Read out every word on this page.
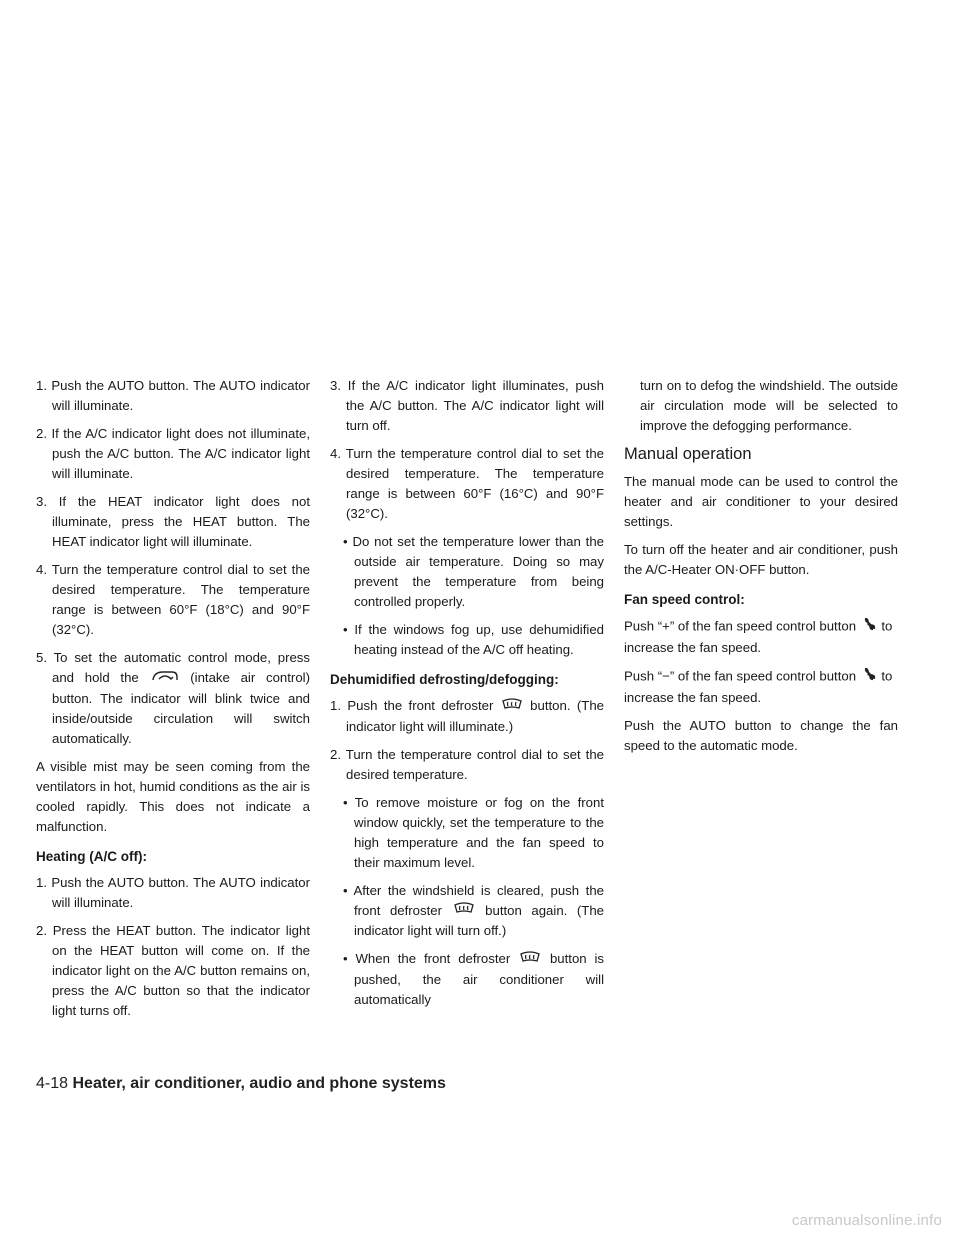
1. Push the AUTO button. The AUTO indicator will illuminate.

2. If the A/C indicator light does not illuminate, push the A/C button. The A/C indicator light will illuminate.

3. If the HEAT indicator light does not illuminate, press the HEAT button. The HEAT indicator light will illuminate.

4. Turn the temperature control dial to set the desired temperature. The temperature range is between 60°F (18°C) and 90°F (32°C).

5. To set the automatic control mode, press and hold the	(intake air control) button. The indicator will blink twice and inside/outside circulation will switch automatically.

A visible mist may be seen coming from the ventilators in hot, humid conditions as the air is cooled rapidly. This does not indicate a malfunction.

Heating (A/C off):

1. Push the AUTO button. The AUTO indicator will illuminate.

2. Press the HEAT button. The indicator light on the HEAT button will come on. If the indicator light on the A/C button remains on, press the A/C button so that the indicator light turns off.

3. If the A/C indicator light illuminates, push the A/C button. The A/C indicator light will turn off.

4. Turn the temperature control dial to set the desired temperature. The temperature range is between 60°F (16°C) and 90°F (32°C).

• Do not set the temperature lower than the outside air temperature. Doing so may prevent the temperature from being controlled properly.

• If the windows fog up, use dehumidified heating instead of the A/C off heating.

Dehumidified defrosting/defogging:

1. Push the front defroster	button. (The indicator light will illuminate.)

2. Turn the temperature control dial to set the desired temperature.

• To remove moisture or fog on the front window quickly, set the temperature to the high temperature and the fan speed to their maximum level.

• After the windshield is cleared, push the front defroster	button again. (The indicator light will turn off.)

• When the front defroster	button is pushed, the air conditioner will automatically

turn on to defog the windshield. The outside air circulation mode will be selected to improve the defogging performance.

Manual operation

The manual mode can be used to control the heater and air conditioner to your desired settings.

To turn off the heater and air conditioner, push the A/C-Heater ON·OFF button.

Fan speed control:

Push “+” of the fan speed control button to increase the fan speed.

Push “−” of the fan speed control button to increase the fan speed.

Push the AUTO button to change the fan speed to the automatic mode.

4-18 Heater, air conditioner, audio and phone systems
carmanualsonline.info
